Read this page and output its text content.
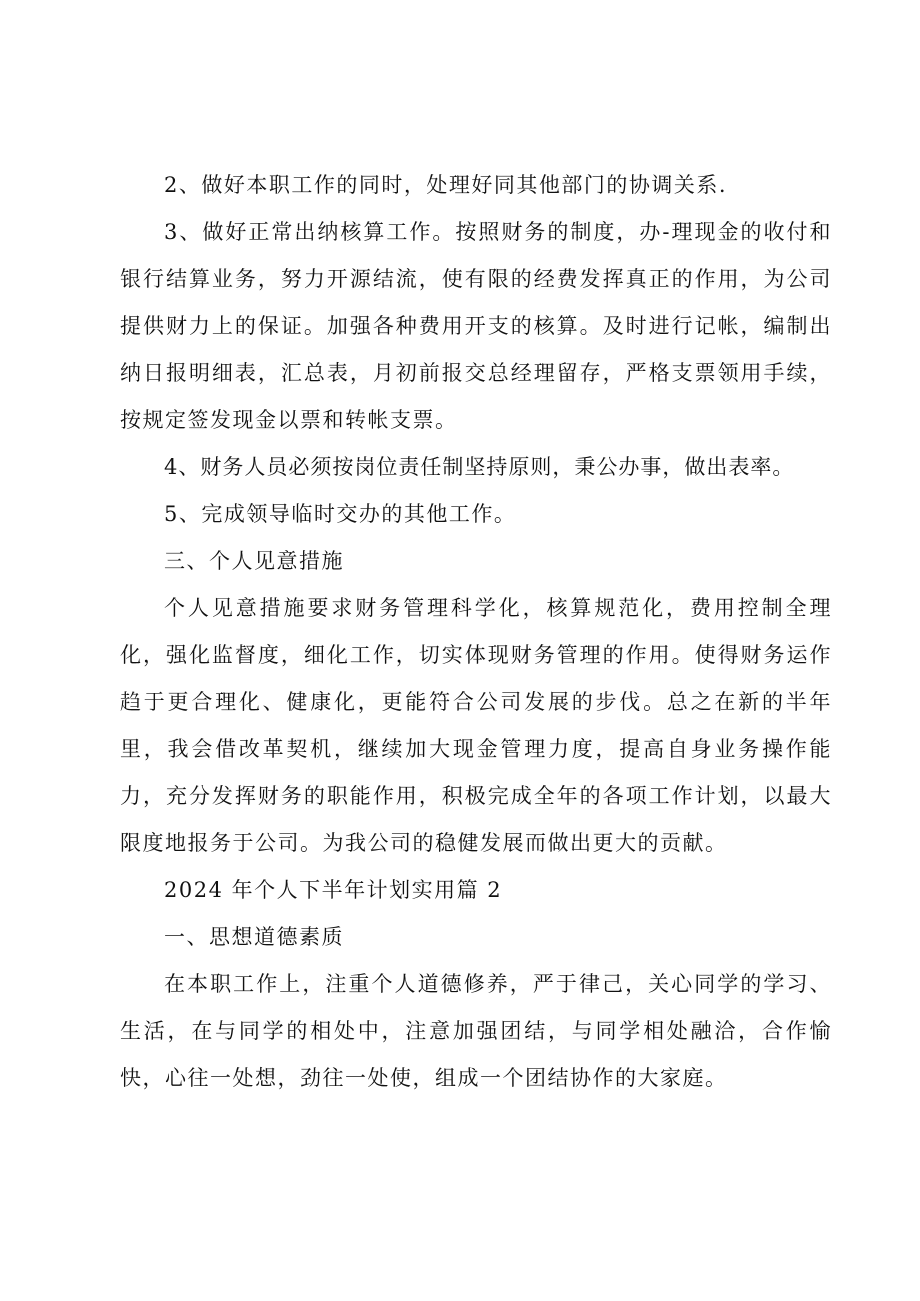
2、做好本职工作的同时，处理好同其他部门的协调关系.

3、做好正常出纳核算工作。按照财务的制度，办-理现金的收付和银行结算业务，努力开源结流，使有限的经费发挥真正的作用，为公司提供财力上的保证。加强各种费用开支的核算。及时进行记帐，编制出纳日报明细表，汇总表，月初前报交总经理留存，严格支票领用手续，按规定签发现金以票和转帐支票。

4、财务人员必须按岗位责任制坚持原则，秉公办事，做出表率。

5、完成领导临时交办的其他工作。

三、个人见意措施

个人见意措施要求财务管理科学化，核算规范化，费用控制全理化，强化监督度，细化工作，切实体现财务管理的作用。使得财务运作趋于更合理化、健康化，更能符合公司发展的步伐。总之在新的半年里，我会借改革契机，继续加大现金管理力度，提高自身业务操作能力，充分发挥财务的职能作用，积极完成全年的各项工作计划，以最大限度地报务于公司。为我公司的稳健发展而做出更大的贡献。

2024 年个人下半年计划实用篇 2

一、思想道德素质

在本职工作上，注重个人道德修养，严于律己，关心同学的学习、生活，在与同学的相处中，注意加强团结，与同学相处融洽，合作愉快，心往一处想，劲往一处使，组成一个团结协作的大家庭。
